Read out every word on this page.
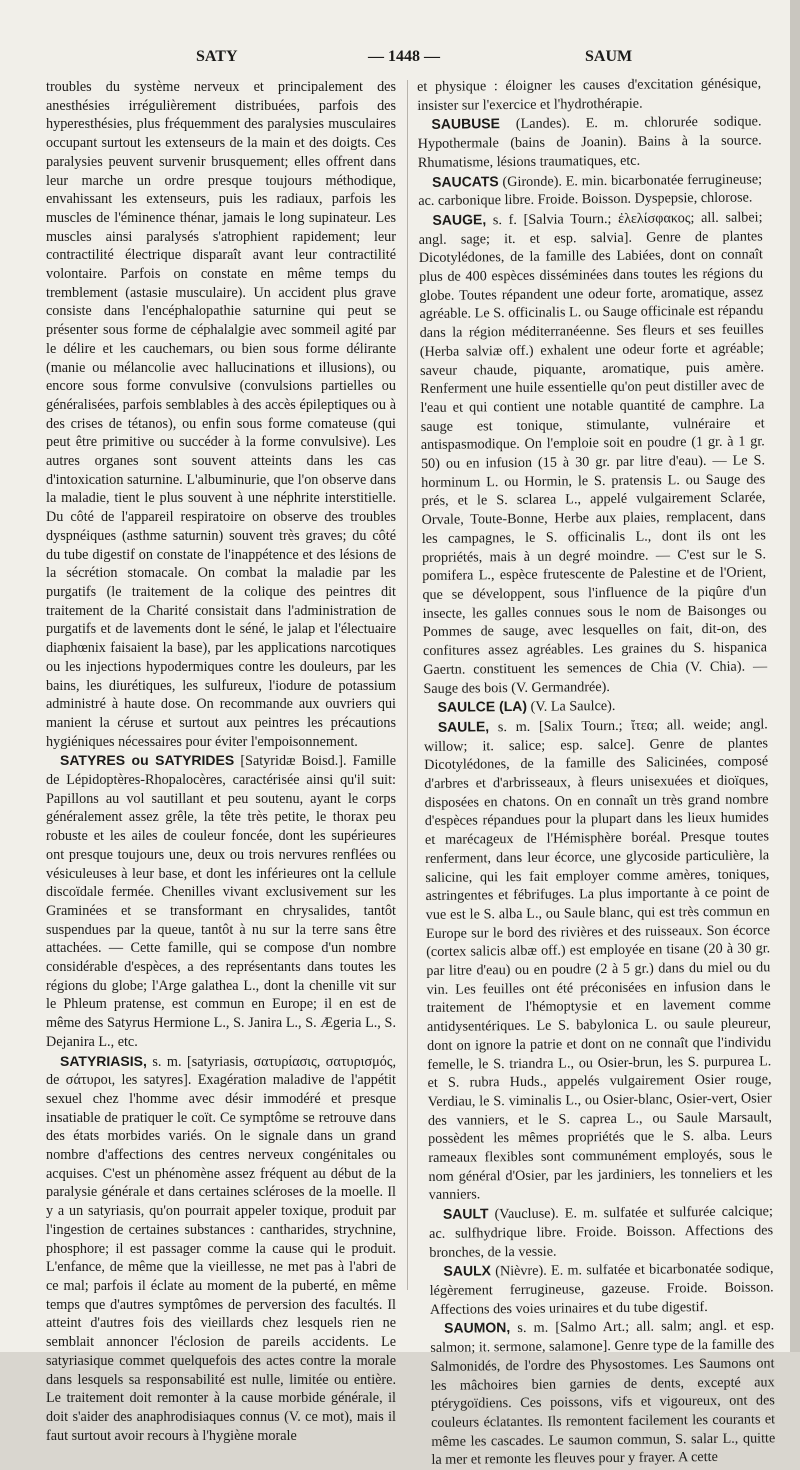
SATY	— 1448 —	SAUM

troubles du système nerveux et principalement des anesthésies irrégulièrement distribuées, parfois des hyperesthésies, plus fréquemment des paralysies musculaires occupant surtout les extenseurs de la main et des doigts. Ces paralysies peuvent survenir brusquement; elles offrent dans leur marche un ordre presque toujours méthodique, envahissant les extenseurs, puis les radiaux, parfois les muscles de l'éminence thénar, jamais le long supinateur. Les muscles ainsi paralysés s'atrophient rapidement; leur contractilité électrique disparaît avant leur contractilité volontaire. Parfois on constate en même temps du tremblement (astasie musculaire). Un accident plus grave consiste dans l'encéphalopathie saturnine qui peut se présenter sous forme de céphalalgie avec sommeil agité par le délire et les cauchemars, ou bien sous forme délirante (manie ou mélancolie avec hallucinations et illusions), ou encore sous forme convulsive (convulsions partielles ou généralisées, parfois semblables à des accès épileptiques ou à des crises de tétanos), ou enfin sous forme comateuse (qui peut être primitive ou succéder à la forme convulsive). Les autres organes sont souvent atteints dans les cas d'intoxication saturnine. L'albuminurie, que l'on observe dans la maladie, tient le plus souvent à une néphrite interstitielle. Du côté de l'appareil respiratoire on observe des troubles dyspnéiques (asthme saturnin) souvent très graves; du côté du tube digestif on constate de l'inappétence et des lésions de la sécrétion stomacale. On combat la maladie par les purgatifs (le traitement de la colique des peintres dit traitement de la Charité consistait dans l'administration de purgatifs et de lavements dont le séné, le jalap et l'électuaire diaphœnix faisaient la base), par les applications narcotiques ou les injections hypodermiques contre les douleurs, par les bains, les diurétiques, les sulfureux, l'iodure de potassium administré à haute dose. On recommande aux ouvriers qui manient la céruse et surtout aux peintres les précautions hygiéniques nécessaires pour éviter l'empoisonnement.

SATYRES ou SATYRIDES [Satyridæ Boisd.]. Famille de Lépidoptères-Rhopalocères, caractérisée ainsi qu'il suit: Papillons au vol sautillant et peu soutenu, ayant le corps généralement assez grêle, la tête très petite, le thorax peu robuste et les ailes de couleur foncée, dont les supérieures ont presque toujours une, deux ou trois nervures renflées ou vésiculeuses à leur base, et dont les inférieures ont la cellule discoïdale fermée. Chenilles vivant exclusivement sur les Graminées et se transformant en chrysalides, tantôt suspendues par la queue, tantôt à nu sur la terre sans être attachées. — Cette famille, qui se compose d'un nombre considérable d'espèces, a des représentants dans toutes les régions du globe; l'Arge galathea L., dont la chenille vit sur le Phleum pratense, est commun en Europe; il en est de même des Satyrus Hermione L., S. Janira L., S. Ægeria L., S. Dejanira L., etc.

SATYRIASIS, s. m. [satyriasis, σατυρίασις, σατυρισμός, de σάτυροι, les satyres]. Exagération maladive de l'appétit sexuel chez l'homme avec désir immodéré et presque insatiable de pratiquer le coït. Ce symptôme se retrouve dans des états morbides variés. On le signale dans un grand nombre d'affections des centres nerveux congénitales ou acquises. C'est un phénomène assez fréquent au début de la paralysie générale et dans certaines scléroses de la moelle. Il y a un satyriasis, qu'on pourrait appeler toxique, produit par l'ingestion de certaines substances : cantharides, strychnine, phosphore; il est passager comme la cause qui le produit. L'enfance, de même que la vieillesse, ne met pas à l'abri de ce mal; parfois il éclate au moment de la puberté, en même temps que d'autres symptômes de perversion des facultés. Il atteint d'autres fois des vieillards chez lesquels rien ne semblait annoncer l'éclosion de pareils accidents. Le satyriasique commet quelquefois des actes contre la morale dans lesquels sa responsabilité est nulle, limitée ou entière. Le traitement doit remonter à la cause morbide générale, il doit s'aider des anaphrodisiaques connus (V. ce mot), mais il faut surtout avoir recours à l'hygiène morale

et physique : éloigner les causes d'excitation génésique, insister sur l'exercice et l'hydrothérapie.

SAUBUSE (Landes). E. m. chlorurée sodique. Hypothermale (bains de Joanin). Bains à la source. Rhumatisme, lésions traumatiques, etc.

SAUCATS (Gironde). E. min. bicarbonatée ferrugineuse; ac. carbonique libre. Froide. Boisson. Dyspepsie, chlorose.

SAUGE, s. f. [Salvia Tourn.; ἐλελίσφακος; all. salbei; angl. sage; it. et esp. salvia]. Genre de plantes Dicotylédones, de la famille des Labiées, dont on connaît plus de 400 espèces disséminées dans toutes les régions du globe. Toutes répandent une odeur forte, aromatique, assez agréable. Le S. officinalis L. ou Sauge officinale est répandu dans la région méditerranéenne. Ses fleurs et ses feuilles (Herba salviæ off.) exhalent une odeur forte et agréable; saveur chaude, piquante, aromatique, puis amère. Renferment une huile essentielle qu'on peut distiller avec de l'eau et qui contient une notable quantité de camphre. La sauge est tonique, stimulante, vulnéraire et antispasmodique. On l'emploie soit en poudre (1 gr. à 1 gr. 50) ou en infusion (15 à 30 gr. par litre d'eau). — Le S. horminum L. ou Hormin, le S. pratensis L. ou Sauge des prés, et le S. sclarea L., appelé vulgairement Sclarée, Orvale, Toute-Bonne, Herbe aux plaies, remplacent, dans les campagnes, le S. officinalis L., dont ils ont les propriétés, mais à un degré moindre. — C'est sur le S. pomifera L., espèce frutescente de Palestine et de l'Orient, que se développent, sous l'influence de la piqûre d'un insecte, les galles connues sous le nom de Baisonges ou Pommes de sauge, avec lesquelles on fait, dit-on, des confitures assez agréables. Les graines du S. hispanica Gaertn. constituent les semences de Chia (V. Chia). — Sauge des bois (V. Germandrée).

SAULCE (LA) (V. La Saulce).

SAULE, s. m. [Salix Tourn.; ἴτεα; all. weide; angl. willow; it. salice; esp. salce]. Genre de plantes Dicotylédones, de la famille des Salicinées, composé d'arbres et d'arbrisseaux, à fleurs unisexuées et dioïques, disposées en chatons. On en connaît un très grand nombre d'espèces répandues pour la plupart dans les lieux humides et marécageux de l'Hémisphère boréal. Presque toutes renferment, dans leur écorce, une glycoside particulière, la salicine, qui les fait employer comme amères, toniques, astringentes et fébrifuges. La plus importante à ce point de vue est le S. alba L., ou Saule blanc, qui est très commun en Europe sur le bord des rivières et des ruisseaux. Son écorce (cortex salicis albæ off.) est employée en tisane (20 à 30 gr. par litre d'eau) ou en poudre (2 à 5 gr.) dans du miel ou du vin. Les feuilles ont été préconisées en infusion dans le traitement de l'hémoptysie et en lavement comme antidysentériques. Le S. babylonica L. ou saule pleureur, dont on ignore la patrie et dont on ne connaît que l'individu femelle, le S. triandra L., ou Osier-brun, les S. purpurea L. et S. rubra Huds., appelés vulgairement Osier rouge, Verdiau, le S. viminalis L., ou Osier-blanc, Osier-vert, Osier des vanniers, et le S. caprea L., ou Saule Marsault, possèdent les mêmes propriétés que le S. alba. Leurs rameaux flexibles sont communément employés, sous le nom général d'Osier, par les jardiniers, les tonneliers et les vanniers.

SAULT (Vaucluse). E. m. sulfatée et sulfurée calcique; ac. sulfhydrique libre. Froide. Boisson. Affections des bronches, de la vessie.

SAULX (Nièvre). E. m. sulfatée et bicarbonatée sodique, légèrement ferrugineuse, gazeuse. Froide. Boisson. Affections des voies urinaires et du tube digestif.

SAUMON, s. m. [Salmo Art.; all. salm; angl. et esp. salmon; it. sermone, salamone]. Genre type de la famille des Salmonidés, de l'ordre des Physostomes. Les Saumons ont les mâchoires bien garnies de dents, excepté aux ptérygoïdiens. Ces poissons, vifs et vigoureux, ont des couleurs éclatantes. Ils remontent facilement les courants et même les cascades. Le saumon commun, S. salar L., quitte la mer et remonte les fleuves pour y frayer. A cette
